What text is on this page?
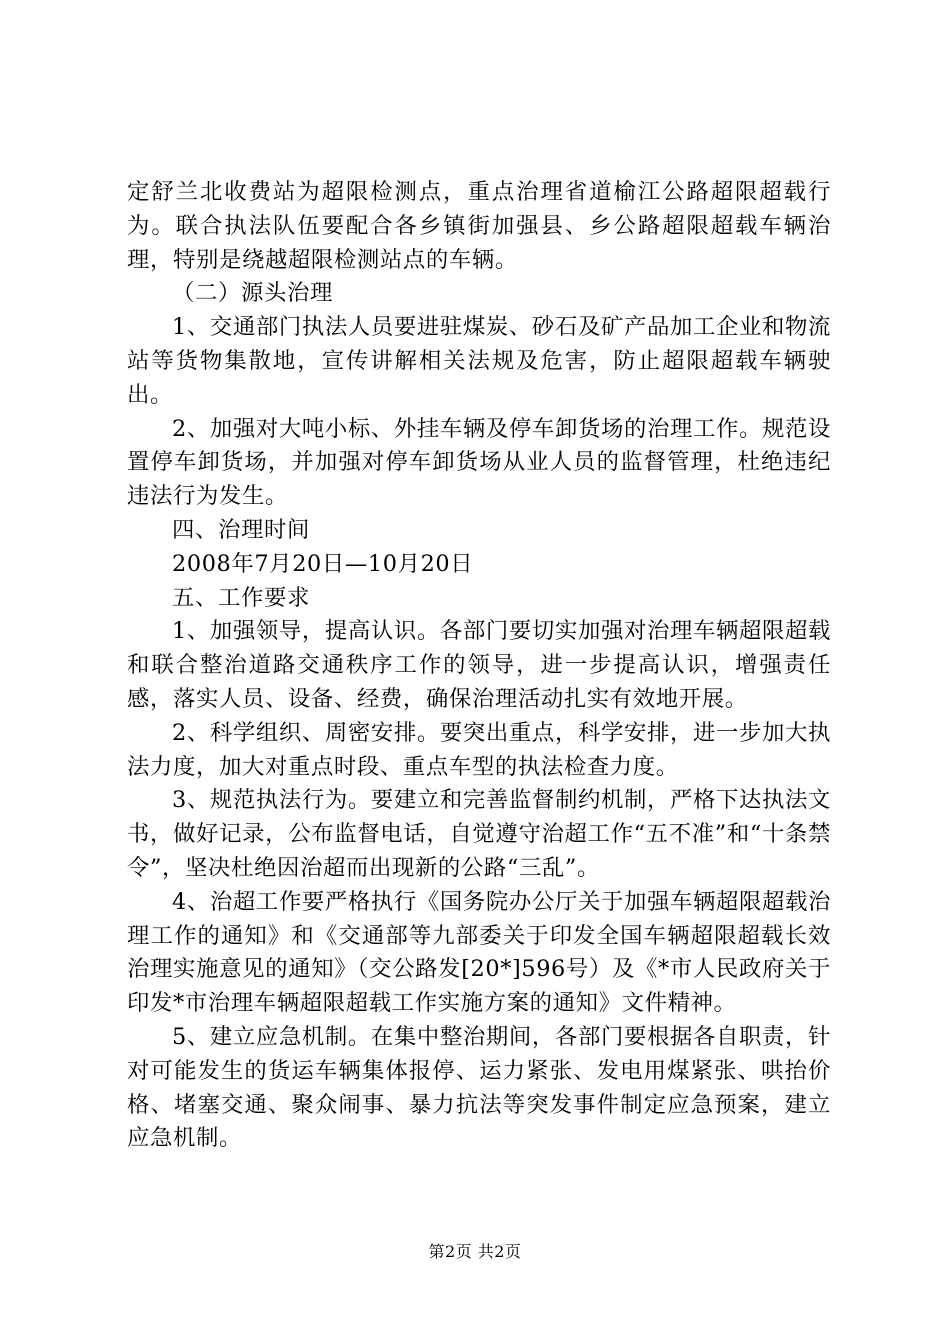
定舒兰北收费站为超限检测点，重点治理省道榆江公路超限超载行为。联合执法队伍要配合各乡镇街加强县、乡公路超限超载车辆治理，特别是绕越超限检测站点的车辆。

（二）源头治理

1、交通部门执法人员要进驻煤炭、砂石及矿产品加工企业和物流站等货物集散地，宣传讲解相关法规及危害，防止超限超载车辆驶出。

2、加强对大吨小标、外挂车辆及停车卸货场的治理工作。规范设置停车卸货场，并加强对停车卸货场从业人员的监督管理，杜绝违纪违法行为发生。

四、治理时间

2008年7月20日—10月20日

五、工作要求

1、加强领导，提高认识。各部门要切实加强对治理车辆超限超载和联合整治道路交通秩序工作的领导，进一步提高认识，增强责任感，落实人员、设备、经费，确保治理活动扎实有效地开展。

2、科学组织、周密安排。要突出重点，科学安排，进一步加大执法力度，加大对重点时段、重点车型的执法检查力度。

3、规范执法行为。要建立和完善监督制约机制，严格下达执法文书，做好记录，公布监督电话，自觉遵守治超工作“五不准”和“十条禁令”，坚决杜绝因治超而出现新的公路“三乱”。

4、治超工作要严格执行《国务院办公厅关于加强车辆超限超载治理工作的通知》和《交通部等九部委关于印发全国车辆超限超载长效治理实施意见的通知》（交公路发[20*]596号）及《*市人民政府关于印发*市治理车辆超限超载工作实施方案的通知》文件精神。

5、建立应急机制。在集中整治期间，各部门要根据各自职责，针对可能发生的货运车辆集体报停、运力紧张、发电用煤紧张、哄抬价格、堵塞交通、聚众闹事、暴力抗法等突发事件制定应急预案，建立应急机制。

第2页 共2页
